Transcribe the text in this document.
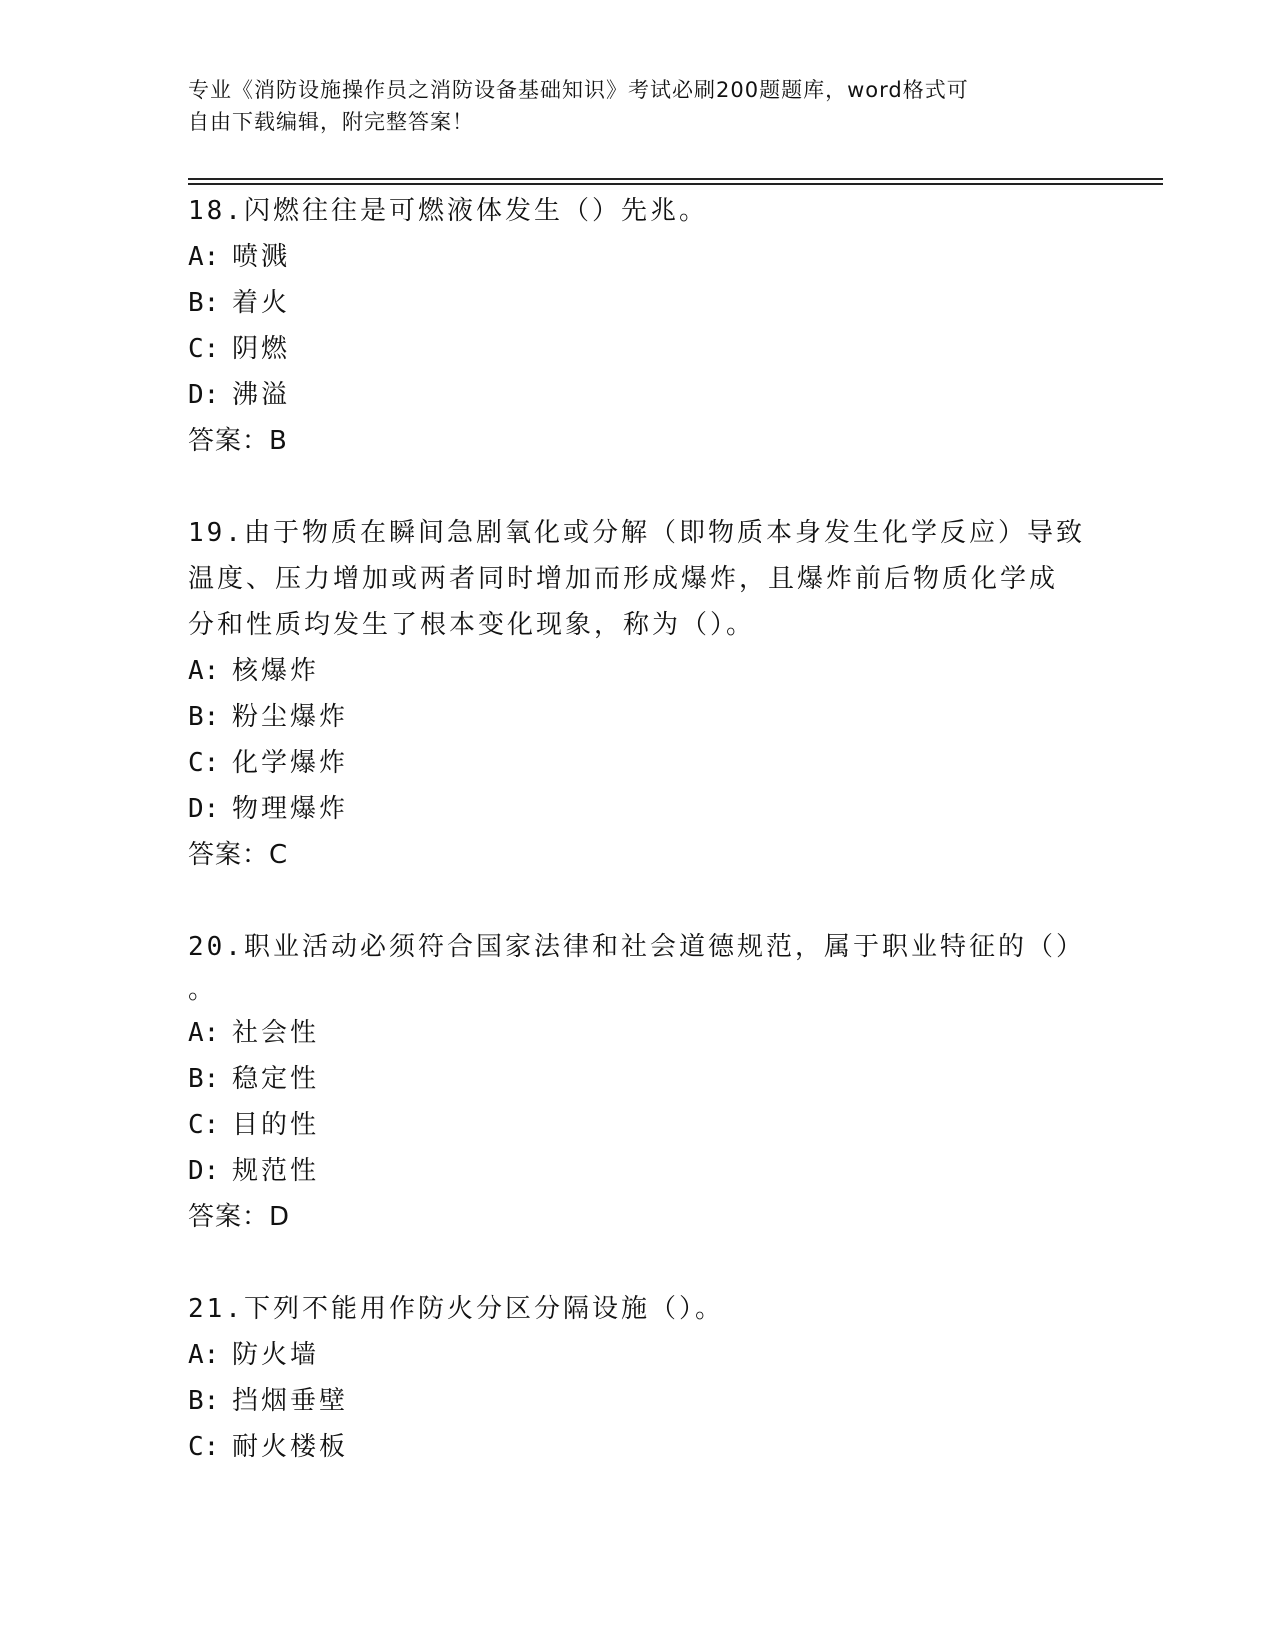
专业《消防设施操作员之消防设备基础知识》考试必刷200题题库，word格式可
自由下载编辑，附完整答案！

18.闪燃往往是可燃液体发生（）先兆。

A: 喷溅

B: 着火

C: 阴燃

D: 沸溢

答案：B

19.由于物质在瞬间急剧氧化或分解（即物质本身发生化学反应）导致

温度、压力增加或两者同时增加而形成爆炸，且爆炸前后物质化学成

分和性质均发生了根本变化现象，称为（）。

A: 核爆炸

B: 粉尘爆炸

C: 化学爆炸

D: 物理爆炸

答案：C

20.职业活动必须符合国家法律和社会道德规范，属于职业特征的（）

。

A: 社会性

B: 稳定性

C: 目的性

D: 规范性

答案：D

21.下列不能用作防火分区分隔设施（）。

A: 防火墙

B: 挡烟垂壁

C: 耐火楼板
